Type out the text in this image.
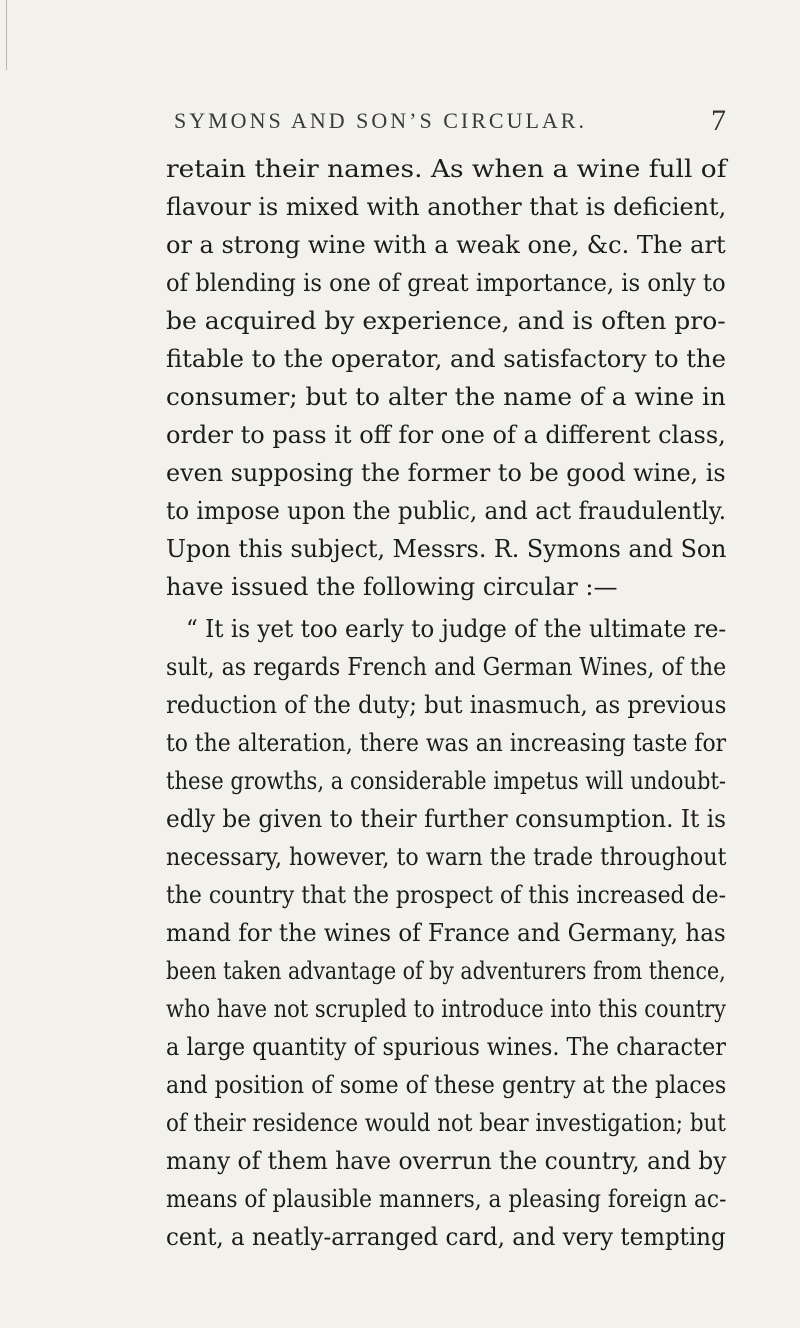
SYMONS AND SON’S CIRCULAR.	7
retain their names. As when a wine full of
flavour is mixed with another that is deficient,
or a strong wine with a weak one, &c. The art
of blending is one of great importance, is only to
be acquired by experience, and is often pro-
fitable to the operator, and satisfactory to the
consumer; but to alter the name of a wine in
order to pass it off for one of a different class,
even supposing the former to be good wine, is
to impose upon the public, and act fraudulently.
Upon this subject, Messrs. R. Symons and Son
have issued the following circular :—
“ It is yet too early to judge of the ultimate re-
sult, as regards French and German Wines, of the
reduction of the duty; but inasmuch, as previous
to the alteration, there was an increasing taste for
these growths, a considerable impetus will undoubt-
edly be given to their further consumption. It is
necessary, however, to warn the trade throughout
the country that the prospect of this increased de-
mand for the wines of France and Germany, has
been taken advantage of by adventurers from thence,
who have not scrupled to introduce into this country
a large quantity of spurious wines. The character
and position of some of these gentry at the places
of their residence would not bear investigation; but
many of them have overrun the country, and by
means of plausible manners, a pleasing foreign ac-
cent, a neatly-arranged card, and very tempting
